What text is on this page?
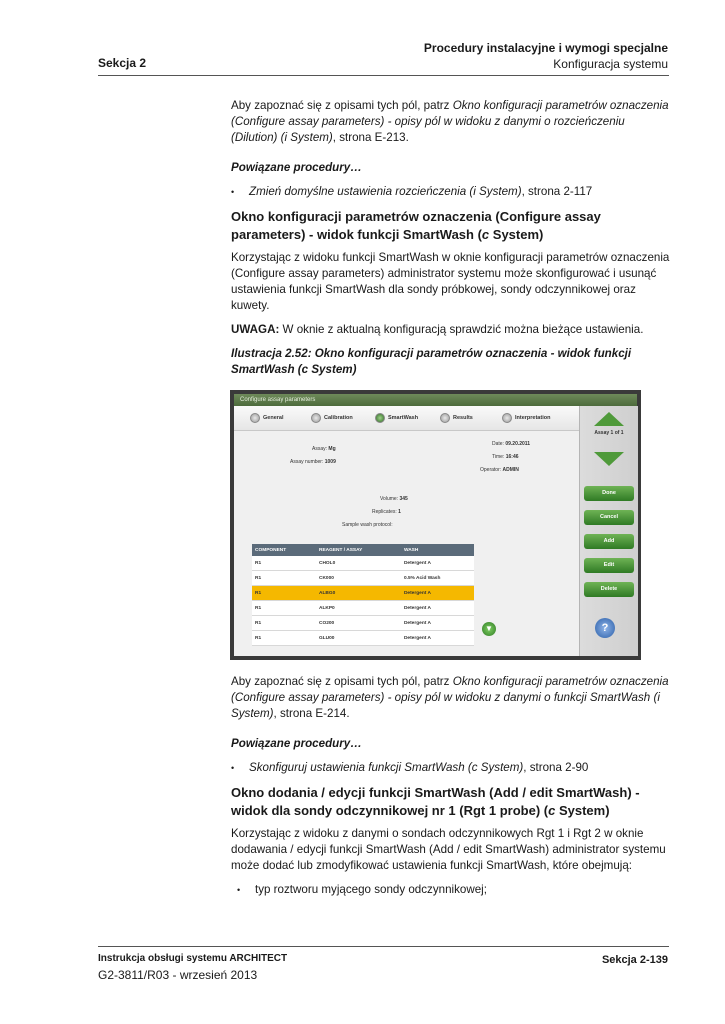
Procedury instalacyjne i wymogi specjalne
Sekcja 2	Konfiguracja systemu

Aby zapoznać się z opisami tych pól, patrz Okno konfiguracji parametrów oznaczenia (Configure assay parameters) - opisy pól w widoku z danymi o rozcieńczeniu (Dilution) (i System), strona E-213.

Powiązane procedury…

• Zmień domyślne ustawienia rozcieńczenia (i System), strona 2-117

Okno konfiguracji parametrów oznaczenia (Configure assay parameters) - widok funkcji SmartWash (c System)

Korzystając z widoku funkcji SmartWash w oknie konfiguracji parametrów oznaczenia (Configure assay parameters) administrator systemu może skonfigurować i usunąć ustawienia funkcji SmartWash dla sondy próbkowej, sondy odczynnikowej oraz kuwety.

UWAGA: W oknie z aktualną konfiguracją sprawdzić można bieżące ustawienia.

Ilustracja 2.52: Okno konfiguracji parametrów oznaczenia - widok funkcji SmartWash (c System)

Configure assay parameters
General	Calibration	SmartWash	Results	Interpretation
Assay: Mg
Assay number: 1009
Date: 09.20.2011
Time: 16:46
Operator: ADMIN
Volume: 345
Replicates: 1
Sample wash protocol:
COMPONENT	REAGENT / ASSAY	WASH
R1	CHOL0	Detergent A
R1	CK000	0.5% Acid Wash
R1	ALBG0	Detergent A
R1	ALKP0	Detergent A
R1	CO200	Detergent A
R1	GLU00	Detergent A
▼
Assay 1 of 1
Done
Cancel
Add
Edit
Delete
?

Aby zapoznać się z opisami tych pól, patrz Okno konfiguracji parametrów oznaczenia (Configure assay parameters) - opisy pól w widoku z danymi o funkcji SmartWash (i System), strona E-214.

Powiązane procedury…

• Skonfiguruj ustawienia funkcji SmartWash (c System), strona 2-90

Okno dodania / edycji funkcji SmartWash (Add / edit SmartWash) - widok dla sondy odczynnikowej nr 1 (Rgt 1 probe) (c System)

Korzystając z widoku z danymi o sondach odczynnikowych Rgt 1 i Rgt 2 w oknie dodawania / edycji funkcji SmartWash (Add / edit SmartWash) administrator systemu może dodać lub zmodyfikować ustawienia funkcji SmartWash, które obejmują:

• typ roztworu myjącego sondy odczynnikowej;

Instrukcja obsługi systemu ARCHITECT
G2-3811/R03 - wrzesień 2013
Sekcja 2-139
